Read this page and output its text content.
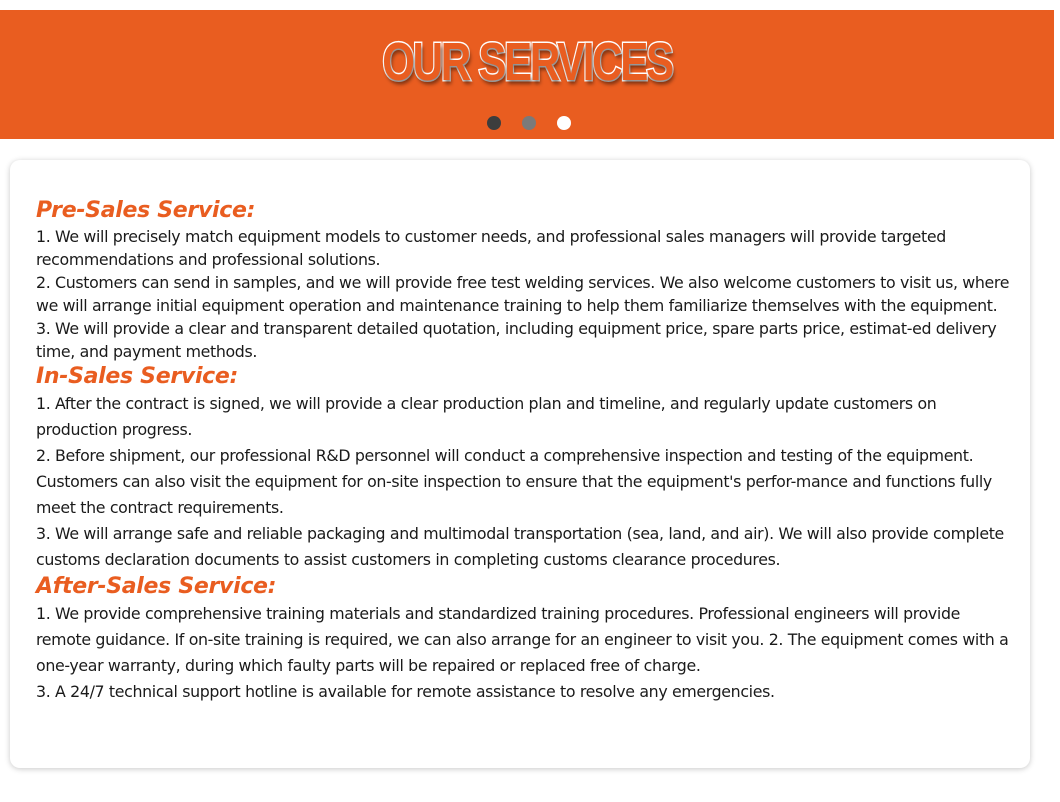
OUR SERVICES
Pre-Sales Service:

1. We will precisely match equipment models to customer needs, and professional sales managers will provide targeted recommendations and professional solutions.

2. Customers can send in samples, and we will provide free test welding services. We also welcome customers to visit us, where we will arrange initial equipment operation and maintenance training to help them familiarize themselves with the equipment.

3. We will provide a clear and transparent detailed quotation, including equipment price, spare parts price, estimat-ed delivery time, and payment methods.

In-Sales Service:

1. After the contract is signed, we will provide a clear production plan and timeline, and regularly update customers on production progress.

2. Before shipment, our professional R&D personnel will conduct a comprehensive inspection and testing of the equipment. Customers can also visit the equipment for on-site inspection to ensure that the equipment's perfor-mance and functions fully meet the contract requirements.

3. We will arrange safe and reliable packaging and multimodal transportation (sea, land, and air). We will also provide complete customs declaration documents to assist customers in completing customs clearance procedures.

After-Sales Service:

1. We provide comprehensive training materials and standardized training procedures. Professional engineers will provide remote guidance. If on-site training is required, we can also arrange for an engineer to visit you. 2. The equipment comes with a one-year warranty, during which faulty parts will be repaired or replaced free of charge.

3. A 24/7 technical support hotline is available for remote assistance to resolve any emergencies.
